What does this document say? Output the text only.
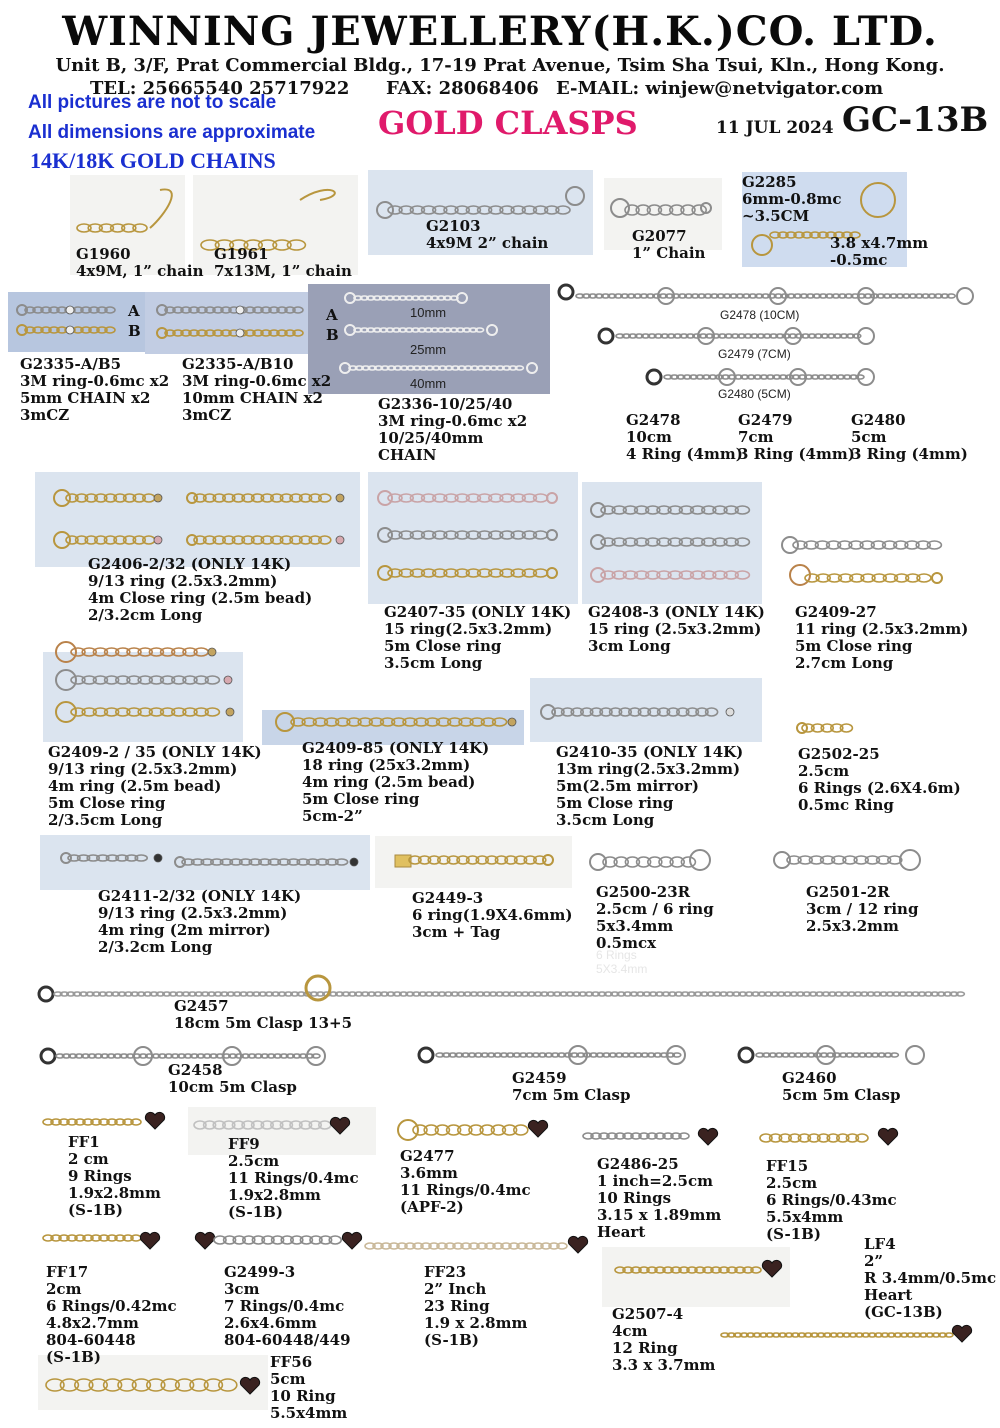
WINNING JEWELLERY(H.K.)CO. LTD.
Unit B, 3/F, Prat Commercial Bldg., 17-19 Prat Avenue, Tsim Sha Tsui, Kln., Hong Kong.
TEL: 25665540 25717922 FAX: 28068406 E-MAIL: winjew@netvigator.com
All pictures are not to scale
All dimensions are approximate
14K/18K GOLD CHAINS
GOLD CLASPS	11 JUL 2024 GC-13B
A
B
A
B
10mm
25mm
40mm
G2478 (10CM)
G2479 (7CM)
G2480 (5CM)
6 Rings
5X3.4mm
G1960
4x9M, 1” chain
G1961
7x13M, 1” chain
G2103
4x9M 2” chain	G2077
1” Chain
G2285
6mm-0.8mc
~3.5CM
3.8 x4.7mm
-0.5mc
G2335-A/B5
3M ring-0.6mc x2
5mm CHAIN x2
3mCZ
G2335-A/B10
3M ring-0.6mc x2
10mm CHAIN x2
3mCZ
G2336-10/25/40
3M ring-0.6mc x2
10/25/40mm
CHAIN
G2478
10cm
4 Ring (4mm)
G2479
7cm
3 Ring (4mm)
G2480
5cm
3 Ring (4mm)
G2406-2/32 (ONLY 14K)
9/13 ring (2.5x3.2mm)
4m Close ring (2.5m bead)
2/3.2cm Long	G2407-35 (ONLY 14K)
15 ring(2.5x3.2mm)
5m Close ring
3.5cm Long
G2408-3 (ONLY 14K)
15 ring (2.5x3.2mm)
3cm Long
G2409-27
11 ring (2.5x3.2mm)
5m Close ring
2.7cm Long
G2409-2 / 35 (ONLY 14K)
9/13 ring (2.5x3.2mm)
4m ring (2.5m bead)
5m Close ring
2/3.5cm Long
G2409-85 (ONLY 14K)
18 ring (25x3.2mm)
4m ring (2.5m bead)
5m Close ring
5cm-2”
G2410-35 (ONLY 14K)
13m ring(2.5x3.2mm)
5m(2.5m mirror)
5m Close ring
3.5cm Long
G2502-25
2.5cm
6 Rings (2.6X4.6m)
0.5mc Ring
G2411-2/32 (ONLY 14K)
9/13 ring (2.5x3.2mm)
4m ring (2m mirror)
2/3.2cm Long
G2449-3
6 ring(1.9X4.6mm)
3cm + Tag
G2500-23R
2.5cm / 6 ring
5x3.4mm
0.5mcx
G2501-2R
3cm / 12 ring
2.5x3.2mm
G2457
18cm 5m Clasp 13+5
G2458
10cm 5m Clasp	G2459
7cm 5m Clasp
G2460
5cm 5m Clasp
FF1
2 cm
9 Rings
1.9x2.8mm
(S-1B)
FF9
2.5cm
11 Rings/0.4mc
1.9x2.8mm
(S-1B)
G2477
3.6mm
11 Rings/0.4mc
(APF-2)
G2486-25
1 inch=2.5cm
10 Rings
3.15 x 1.89mm
Heart
FF15
2.5cm
6 Rings/0.43mc
5.5x4mm
(S-1B)
FF17
2cm
6 Rings/0.42mc
4.8x2.7mm
804-60448
(S-1B)
G2499-3
3cm
7 Rings/0.4mc
2.6x4.6mm
804-60448/449
FF23
2” Inch
23 Ring
1.9 x 2.8mm
(S-1B)
G2507-4
4cm
12 Ring
3.3 x 3.7mm
LF4
2”
R 3.4mm/0.5mc
Heart
(GC-13B)
FF56
5cm
10 Ring
5.5x4mm
